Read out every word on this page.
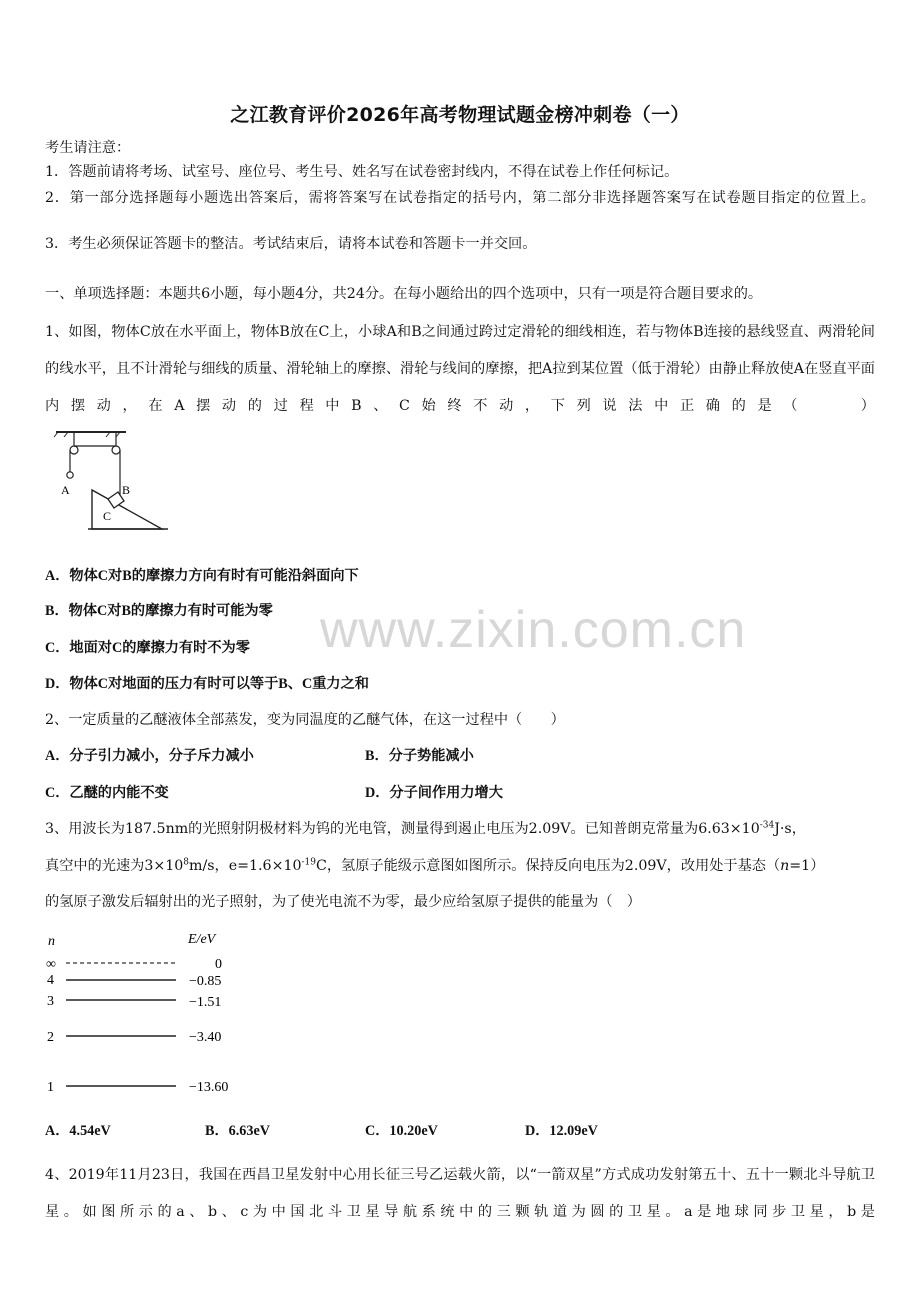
之江教育评价2026年高考物理试题金榜冲刺卷（一）
考生请注意：
1．答题前请将考场、试室号、座位号、考生号、姓名写在试卷密封线内，不得在试卷上作任何标记。
2．第一部分选择题每小题选出答案后，需将答案写在试卷指定的括号内，第二部分非选择题答案写在试卷题目指定的位置上。
3．考生必须保证答题卡的整洁。考试结束后，请将本试卷和答题卡一并交回。
一、单项选择题：本题共6小题，每小题4分，共24分。在每小题给出的四个选项中，只有一项是符合题目要求的。
1、如图，物体C放在水平面上，物体B放在C上，小球A和B之间通过跨过定滑轮的细线相连，若与物体B连接的悬线竖直、两滑轮间的线水平，且不计滑轮与细线的质量、滑轮轴上的摩擦、滑轮与线间的摩擦，把A拉到某位置（低于滑轮）由静止释放使A在竖直平面内摆动，在A摆动的过程中B、C始终不动，下列说法中正确的是（　　）
A	B
C
A．物体C对B的摩擦力方向有时有可能沿斜面向下
B．物体C对B的摩擦力有时可能为零
C．地面对C的摩擦力有时不为零
D．物体C对地面的压力有时可以等于B、C重力之和
2、一定质量的乙醚液体全部蒸发，变为同温度的乙醚气体，在这一过程中（　　）
A．分子引力减小，分子斥力减小	B．分子势能减小
C．乙醚的内能不变	D．分子间作用力增大
3、用波长为187.5nm的光照射阴极材料为钨的光电管，测量得到遏止电压为2.09V。已知普朗克常量为$6.63\times 10^{-34}J\cdot s$，
真空中的光速为$3\times 10^8m/s$，$e=1.6\times 10^{-19}C$，氢原子能级示意图如图所示。保持反向电压为2.09V，改用处于基态（n=1）
的氢原子激发后辐射出的光子照射，为了使光电流不为零，最少应给氢原子提供的能量为（　）
n	E/eV
∞	0
4	−0.85
3	−1.51
2	−3.40
1	−13.60
A．4.54eV	B．6.63eV	C．10.20eV	D．12.09eV
4、2019年11月23日，我国在西昌卫星发射中心用长征三号乙运载火箭，以“一箭双星”方式成功发射第五十、五十一颗北斗导航卫星。如图所示的a、b、c为中国北斗卫星导航系统中的三颗轨道为圆的卫星。a是地球同步卫星，b是
www.zixin.com.cn
